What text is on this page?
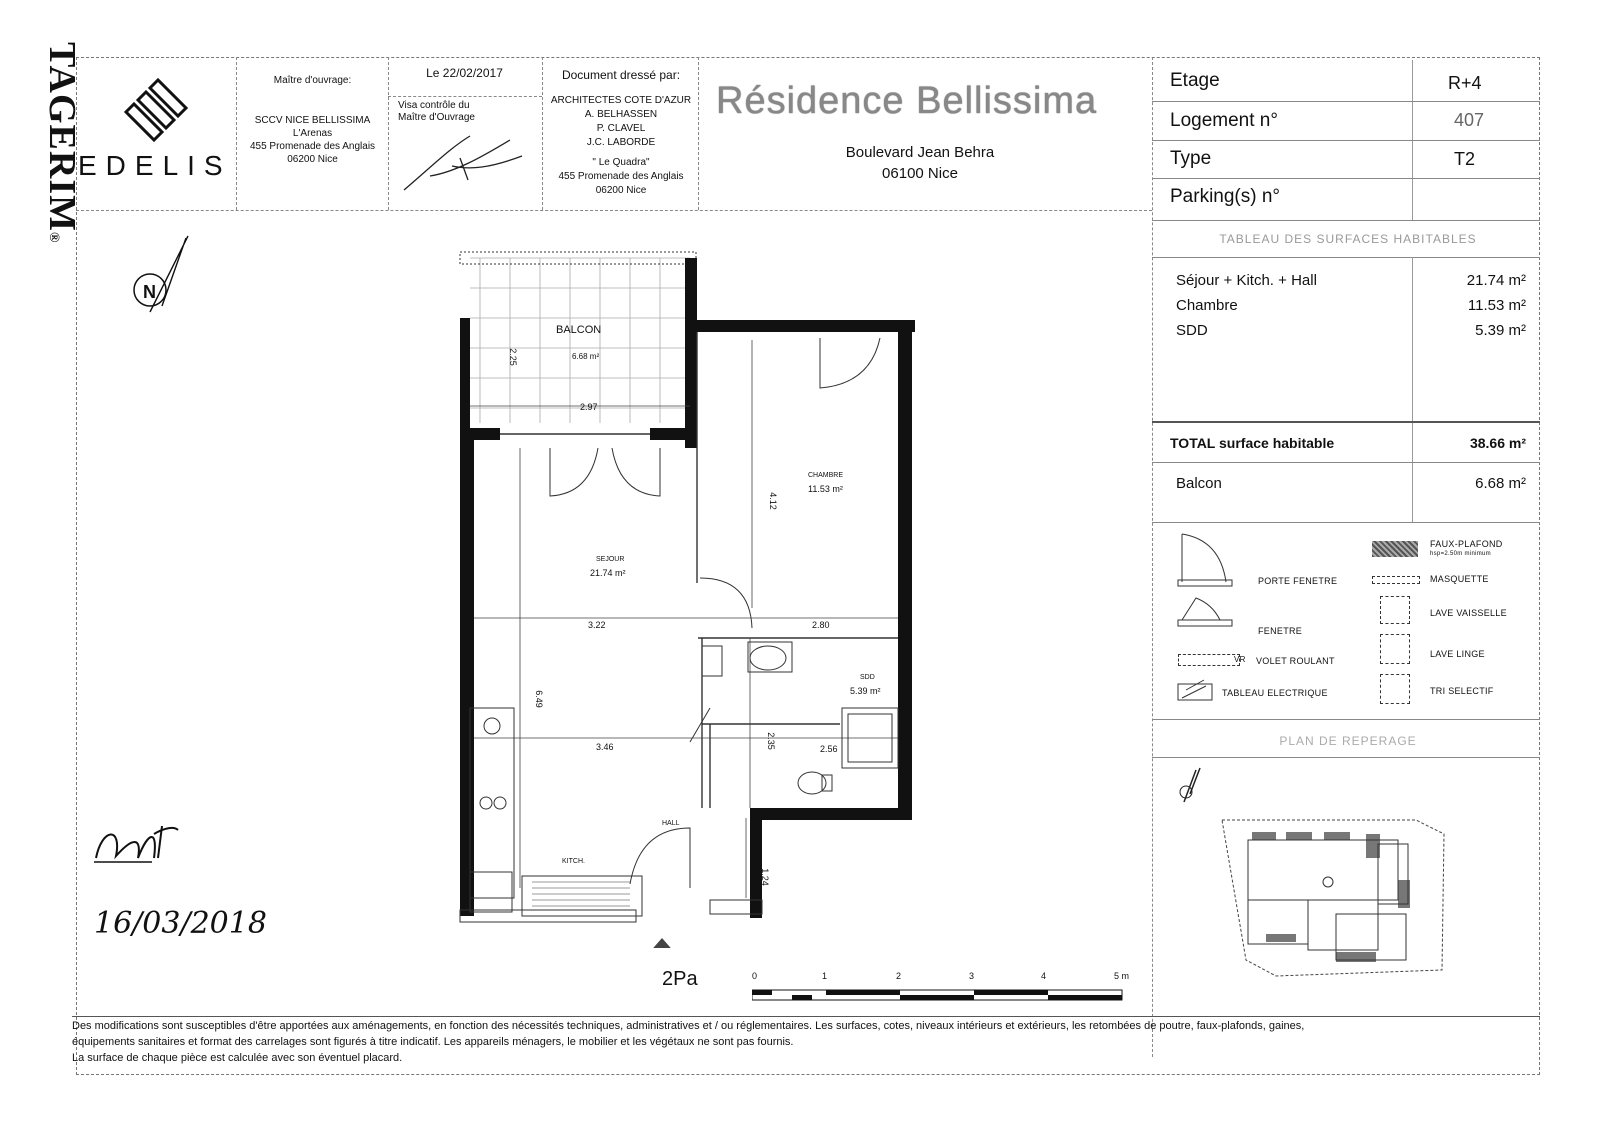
TAGERIM®
EDELIS
Maître d'ouvrage:
SCCV NICE BELLISSIMA
L'Arenas
455 Promenade des Anglais
06200 Nice
Le 22/02/2017
Visa contrôle du Maître d'Ouvrage
Document dressé par:
ARCHITECTES COTE D'AZUR
A. BELHASSEN
P. CLAVEL
J.C. LABORDE
" Le Quadra"
455 Promenade des Anglais
06200 Nice
Résidence Bellissima
Boulevard Jean Behra
06100 Nice
Etage	R+4
Logement n°	407
Type	T2
Parking(s) n°
TABLEAU DES SURFACES HABITABLES
Séjour + Kitch. + Hall	21.74 m²
Chambre	11.53 m²
SDD	5.39 m²
TOTAL surface habitable	38.66 m²
Balcon	6.68 m²
PORTE FENETRE
FENETRE
VR VOLET ROULANT
TABLEAU ELECTRIQUE
FAUX-PLAFOND
hsp=2.50m minimum
MASQUETTE
LAVE VAISSELLE
LAVE LINGE
TRI SELECTIF
PLAN DE REPERAGE
N
BALCON
6.68 m²
CHAMBRE
11.53 m²
SEJOUR
21.74 m²
SDD
5.39 m²
HALL
KITCH.
2.25
2.97
4.12
3.22	2.80
6.49
3.46	2.35	2.56
1.24
2Pa	0	1	2	3	4	5 m
16/03/2018
Des modifications sont susceptibles d'être apportées aux aménagements, en fonction des nécessités techniques, administratives et / ou réglementaires. Les surfaces, cotes, niveaux intérieurs et extérieurs, les retombées de poutre, faux-plafonds, gaines,
équipements sanitaires et format des carrelages sont figurés à titre indicatif. Les appareils ménagers, le mobilier et les végétaux ne sont pas fournis.
La surface de chaque pièce est calculée avec son éventuel placard.
